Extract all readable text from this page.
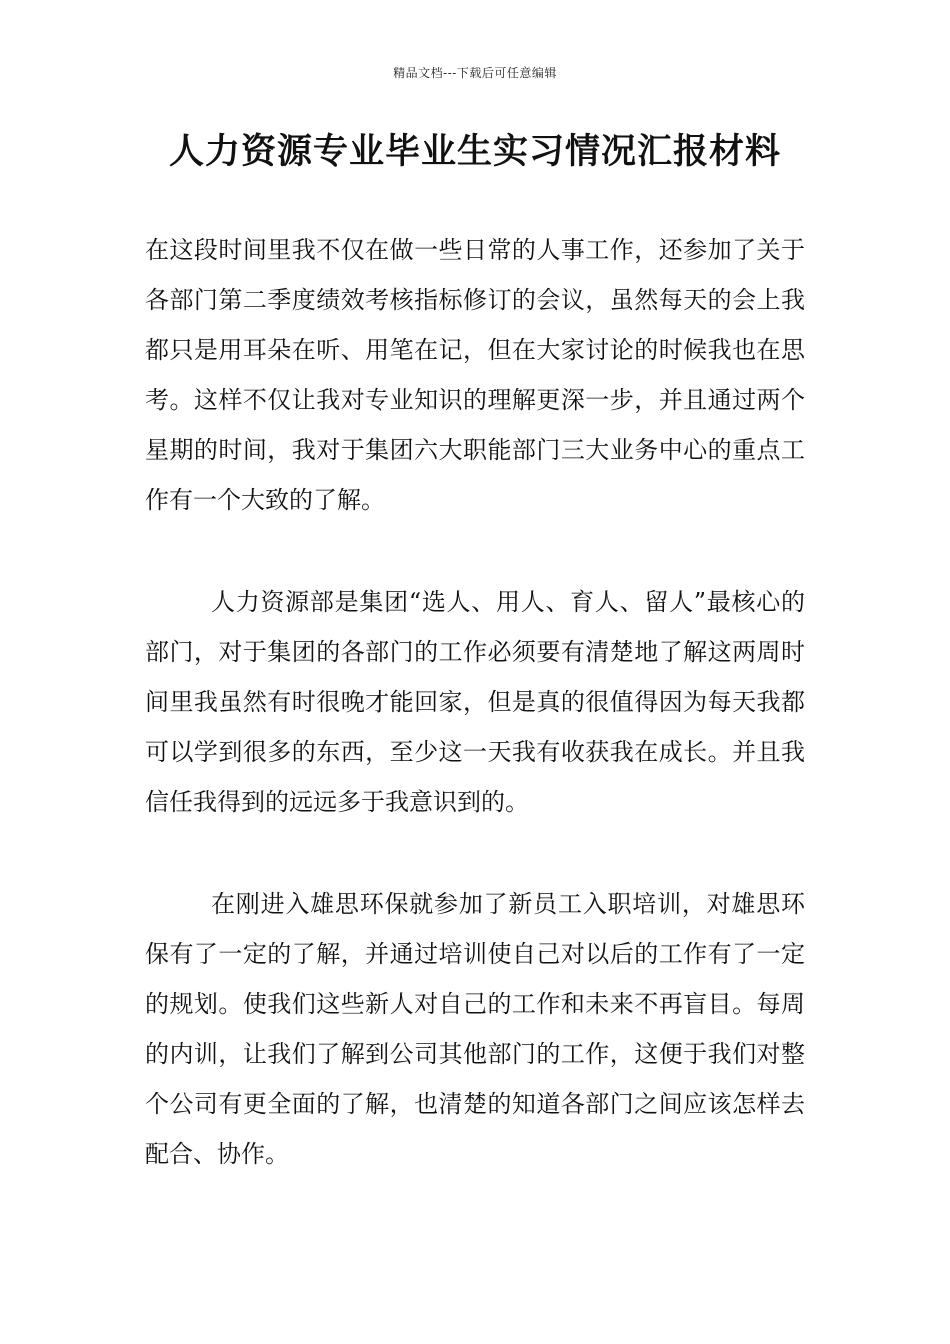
精品文档---下载后可任意编辑
人力资源专业毕业生实习情况汇报材料

在这段时间里我不仅在做一些日常的人事工作，还参加了关于各部门第二季度绩效考核指标修订的会议，虽然每天的会上我都只是用耳朵在听、用笔在记，但在大家讨论的时候我也在思考。这样不仅让我对专业知识的理解更深一步，并且通过两个星期的时间，我对于集团六大职能部门三大业务中心的重点工作有一个大致的了解。

人力资源部是集团“选人、用人、育人、留人”最核心的部门，对于集团的各部门的工作必须要有清楚地了解这两周时间里我虽然有时很晚才能回家，但是真的很值得因为每天我都可以学到很多的东西，至少这一天我有收获我在成长。并且我信任我得到的远远多于我意识到的。

在刚进入雄思环保就参加了新员工入职培训，对雄思环保有了一定的了解，并通过培训使自己对以后的工作有了一定的规划。使我们这些新人对自己的工作和未来不再盲目。每周的内训，让我们了解到公司其他部门的工作，这便于我们对整个公司有更全面的了解，也清楚的知道各部门之间应该怎样去配合、协作。
